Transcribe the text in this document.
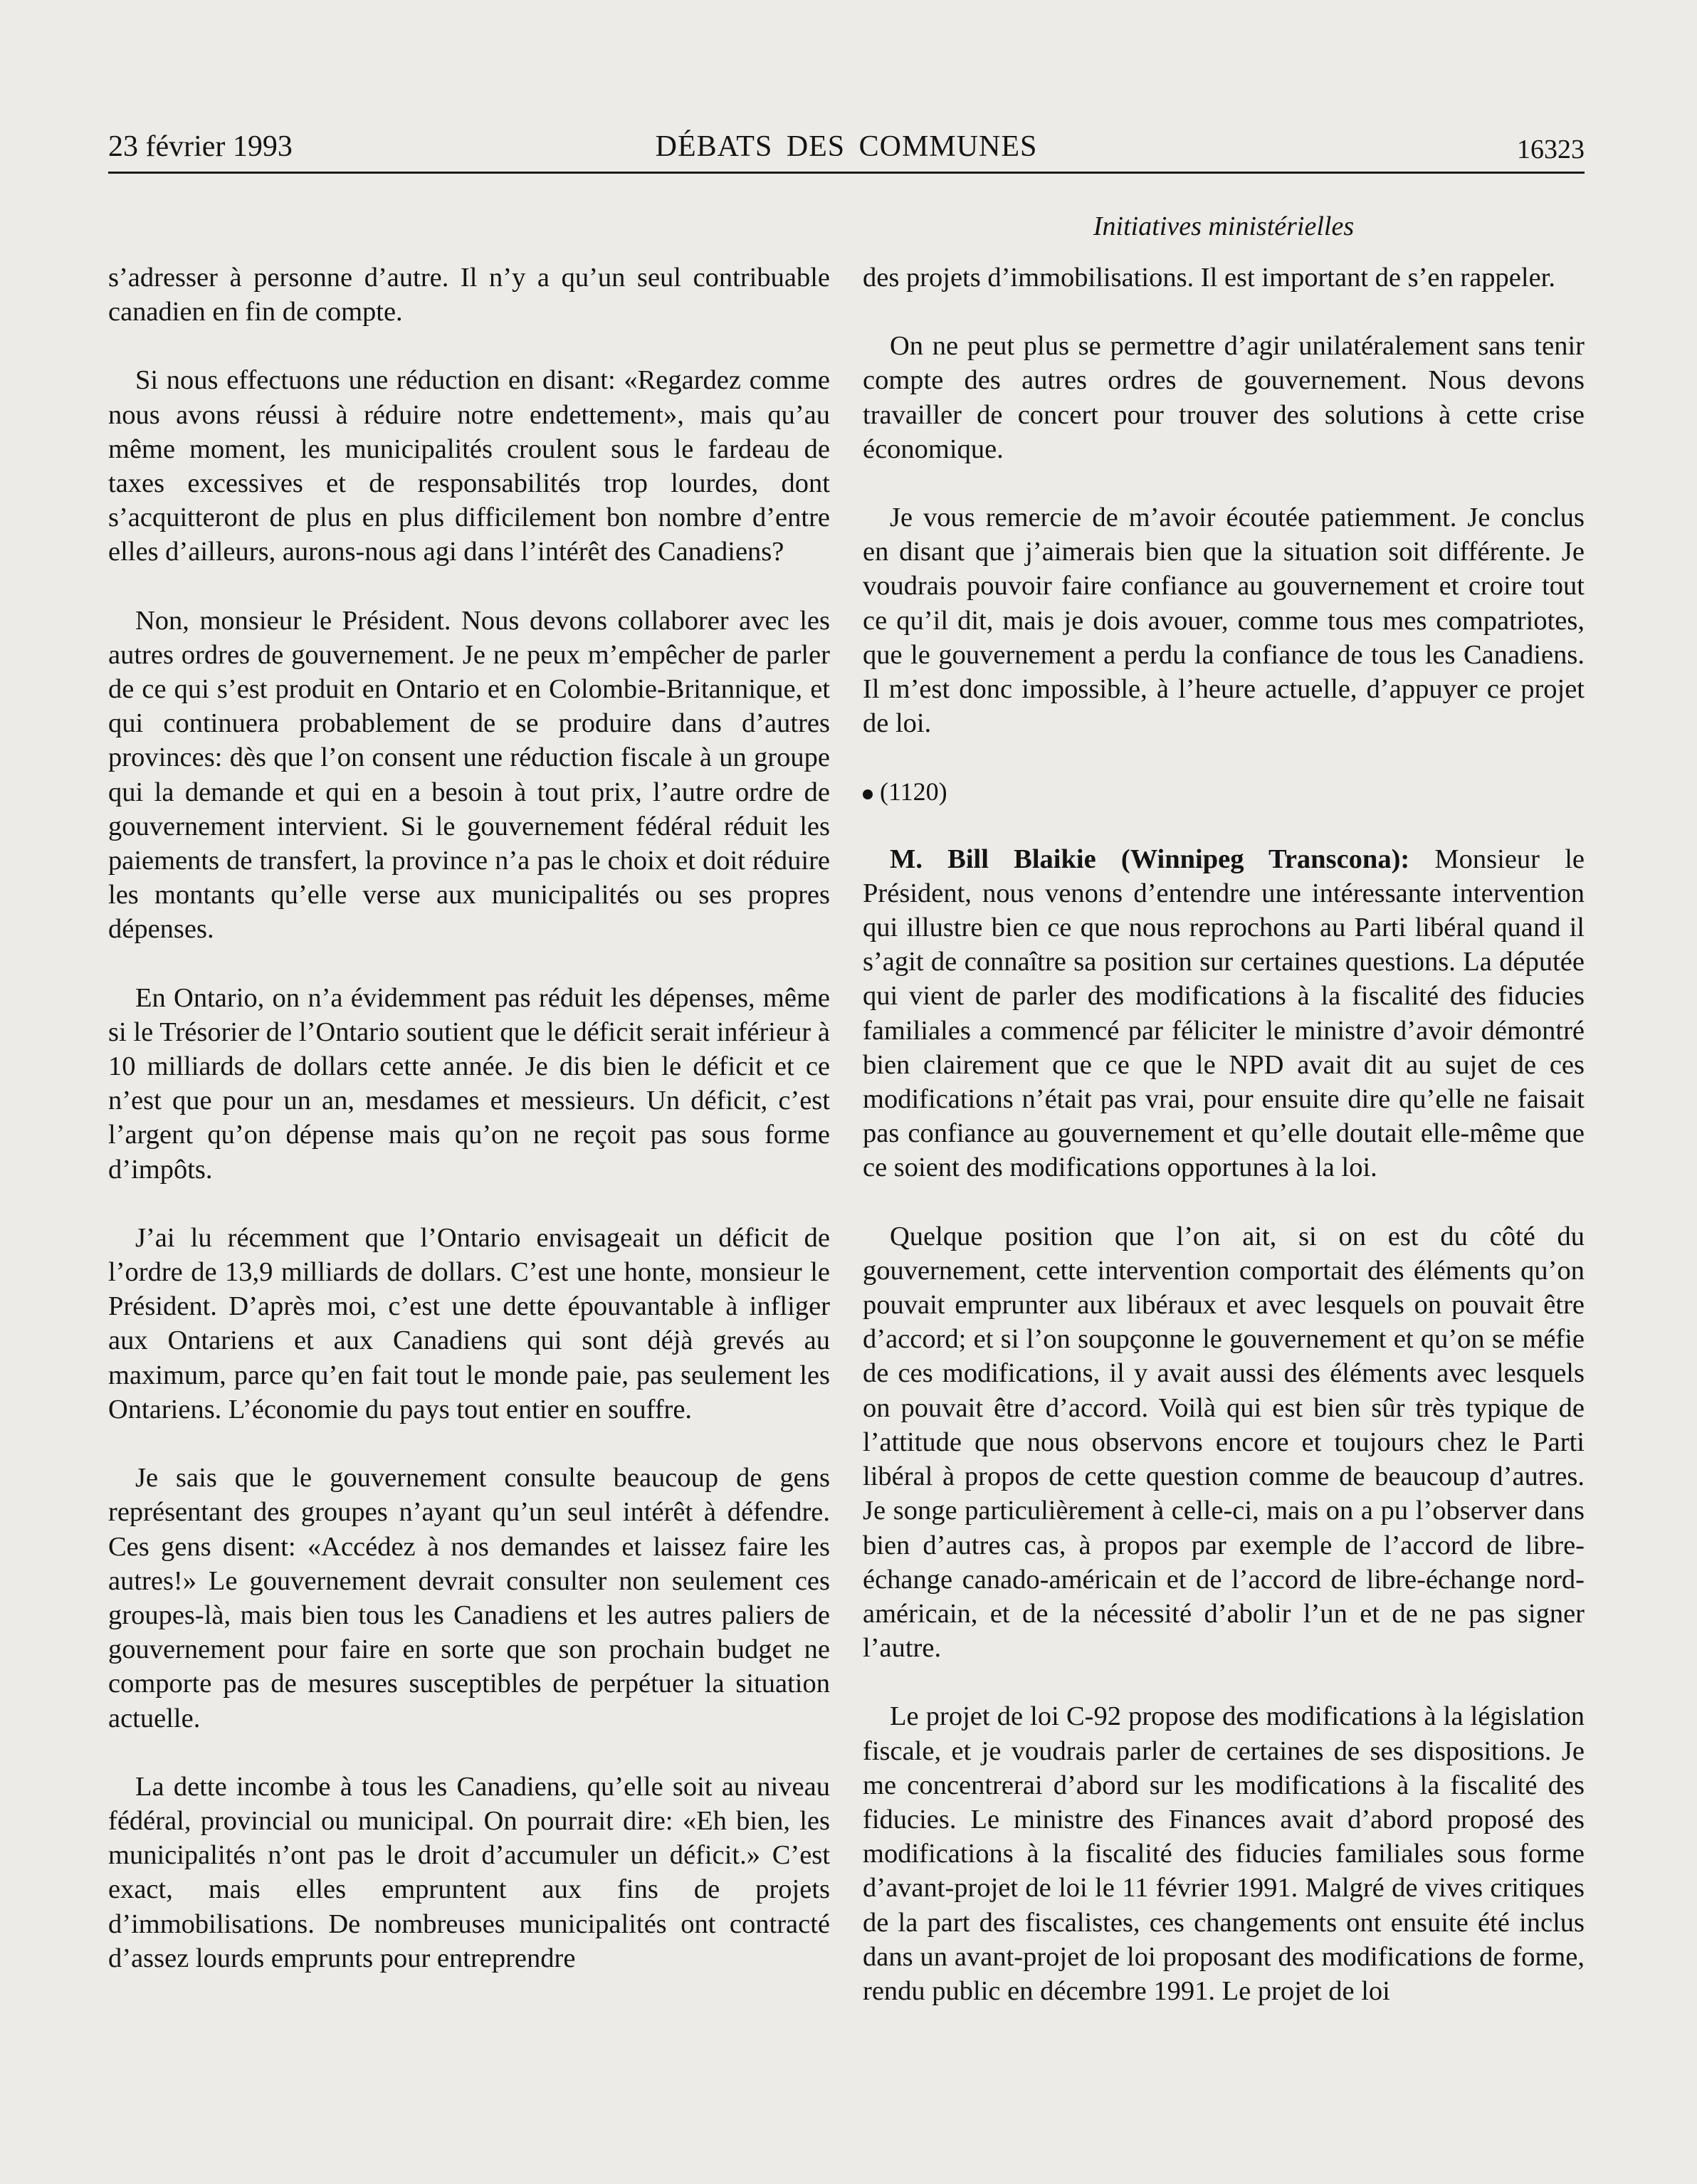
23 février 1993	DÉBATS DES COMMUNES	16323
Initiatives ministérielles

s’adresser à personne d’autre. Il n’y a qu’un seul contribuable canadien en fin de compte.

Si nous effectuons une réduction en disant: «Regardez comme nous avons réussi à réduire notre endettement», mais qu’au même moment, les municipalités croulent sous le fardeau de taxes excessives et de responsabilités trop lourdes, dont s’acquitteront de plus en plus difficilement bon nombre d’entre elles d’ailleurs, aurons-nous agi dans l’intérêt des Canadiens?

Non, monsieur le Président. Nous devons collaborer avec les autres ordres de gouvernement. Je ne peux m’empêcher de parler de ce qui s’est produit en Ontario et en Colombie-Britannique, et qui continuera probablement de se produire dans d’autres provinces: dès que l’on consent une réduction fiscale à un groupe qui la demande et qui en a besoin à tout prix, l’autre ordre de gouvernement intervient. Si le gouvernement fédéral réduit les paiements de transfert, la province n’a pas le choix et doit réduire les montants qu’elle verse aux municipalités ou ses propres dépenses.

En Ontario, on n’a évidemment pas réduit les dépenses, même si le Trésorier de l’Ontario soutient que le déficit serait inférieur à 10 milliards de dollars cette année. Je dis bien le déficit et ce n’est que pour un an, mesdames et messieurs. Un déficit, c’est l’argent qu’on dépense mais qu’on ne reçoit pas sous forme d’impôts.

J’ai lu récemment que l’Ontario envisageait un déficit de l’ordre de 13,9 milliards de dollars. C’est une honte, monsieur le Président. D’après moi, c’est une dette épouvantable à infliger aux Ontariens et aux Canadiens qui sont déjà grevés au maximum, parce qu’en fait tout le monde paie, pas seulement les Ontariens. L’économie du pays tout entier en souffre.

Je sais que le gouvernement consulte beaucoup de gens représentant des groupes n’ayant qu’un seul intérêt à défendre. Ces gens disent: «Accédez à nos demandes et laissez faire les autres!» Le gouvernement devrait consulter non seulement ces groupes-là, mais bien tous les Canadiens et les autres paliers de gouvernement pour faire en sorte que son prochain budget ne comporte pas de mesures susceptibles de perpétuer la situation actuelle.

La dette incombe à tous les Canadiens, qu’elle soit au niveau fédéral, provincial ou municipal. On pourrait dire: «Eh bien, les municipalités n’ont pas le droit d’accumuler un déficit.» C’est exact, mais elles empruntent aux fins de projets d’immobilisations. De nombreuses municipalités ont contracté d’assez lourds emprunts pour entreprendre

des projets d’immobilisations. Il est important de s’en rappeler.

On ne peut plus se permettre d’agir unilatéralement sans tenir compte des autres ordres de gouvernement. Nous devons travailler de concert pour trouver des solutions à cette crise économique.

Je vous remercie de m’avoir écoutée patiemment. Je conclus en disant que j’aimerais bien que la situation soit différente. Je voudrais pouvoir faire confiance au gouvernement et croire tout ce qu’il dit, mais je dois avouer, comme tous mes compatriotes, que le gouvernement a perdu la confiance de tous les Canadiens. Il m’est donc impossible, à l’heure actuelle, d’appuyer ce projet de loi.

(1120)

M. Bill Blaikie (Winnipeg Transcona): Monsieur le Président, nous venons d’entendre une intéressante intervention qui illustre bien ce que nous reprochons au Parti libéral quand il s’agit de connaître sa position sur certaines questions. La députée qui vient de parler des modifications à la fiscalité des fiducies familiales a commencé par féliciter le ministre d’avoir démontré bien clairement que ce que le NPD avait dit au sujet de ces modifications n’était pas vrai, pour ensuite dire qu’elle ne faisait pas confiance au gouvernement et qu’elle doutait elle-même que ce soient des modifications opportunes à la loi.

Quelque position que l’on ait, si on est du côté du gouvernement, cette intervention comportait des éléments qu’on pouvait emprunter aux libéraux et avec lesquels on pouvait être d’accord; et si l’on soupçonne le gouvernement et qu’on se méfie de ces modifications, il y avait aussi des éléments avec lesquels on pouvait être d’accord. Voilà qui est bien sûr très typique de l’attitude que nous observons encore et toujours chez le Parti libéral à propos de cette question comme de beaucoup d’autres. Je songe particulièrement à celle-ci, mais on a pu l’observer dans bien d’autres cas, à propos par exemple de l’accord de libre-échange canado-américain et de l’accord de libre-échange nord-américain, et de la nécessité d’abolir l’un et de ne pas signer l’autre.

Le projet de loi C-92 propose des modifications à la législation fiscale, et je voudrais parler de certaines de ses dispositions. Je me concentrerai d’abord sur les modifications à la fiscalité des fiducies. Le ministre des Finances avait d’abord proposé des modifications à la fiscalité des fiducies familiales sous forme d’avant-projet de loi le 11 février 1991. Malgré de vives critiques de la part des fiscalistes, ces changements ont ensuite été inclus dans un avant-projet de loi proposant des modifications de forme, rendu public en décembre 1991. Le projet de loi
